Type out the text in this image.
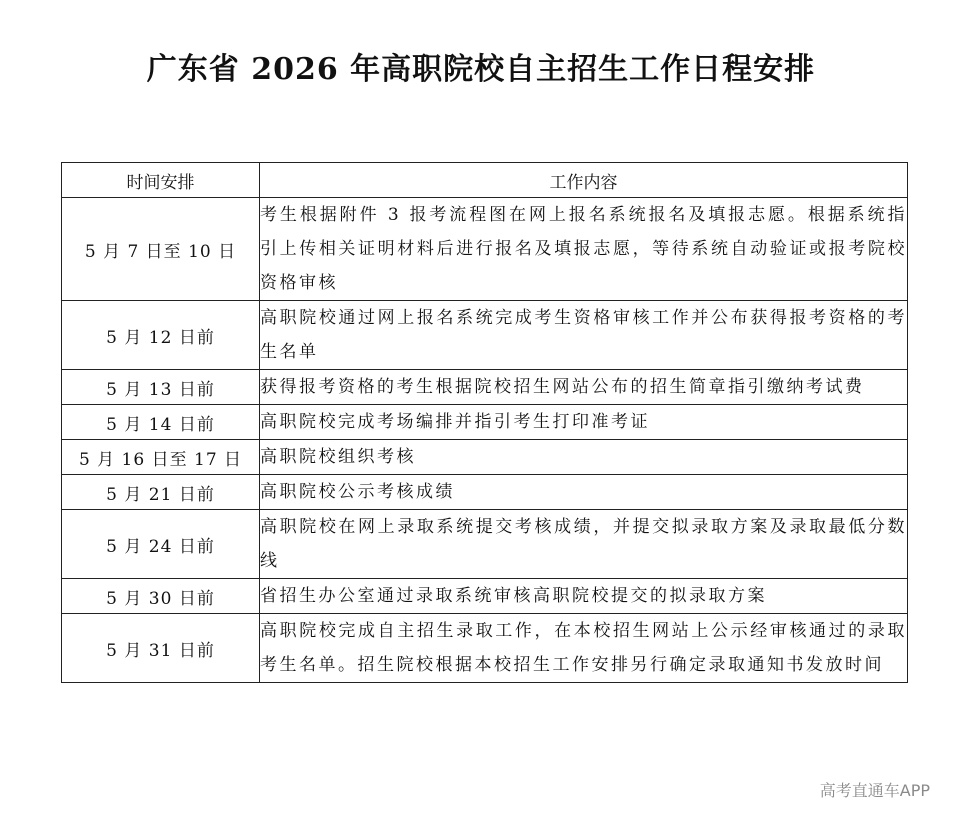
广东省 2026 年高职院校自主招生工作日程安排
时间安排	工作内容
5 月 7 日至 10 日	考生根据附件 3 报考流程图在网上报名系统报名及填报志愿。根据系统指引上传相关证明材料后进行报名及填报志愿，等待系统自动验证或报考院校资格审核
5 月 12 日前	高职院校通过网上报名系统完成考生资格审核工作并公布获得报考资格的考生名单
5 月 13 日前	获得报考资格的考生根据院校招生网站公布的招生简章指引缴纳考试费
5 月 14 日前	高职院校完成考场编排并指引考生打印准考证
5 月 16 日至 17 日	高职院校组织考核
5 月 21 日前	高职院校公示考核成绩
5 月 24 日前	高职院校在网上录取系统提交考核成绩，并提交拟录取方案及录取最低分数线
5 月 30 日前	省招生办公室通过录取系统审核高职院校提交的拟录取方案
5 月 31 日前	高职院校完成自主招生录取工作，在本校招生网站上公示经审核通过的录取考生名单。招生院校根据本校招生工作安排另行确定录取通知书发放时间
高考直通车APP
